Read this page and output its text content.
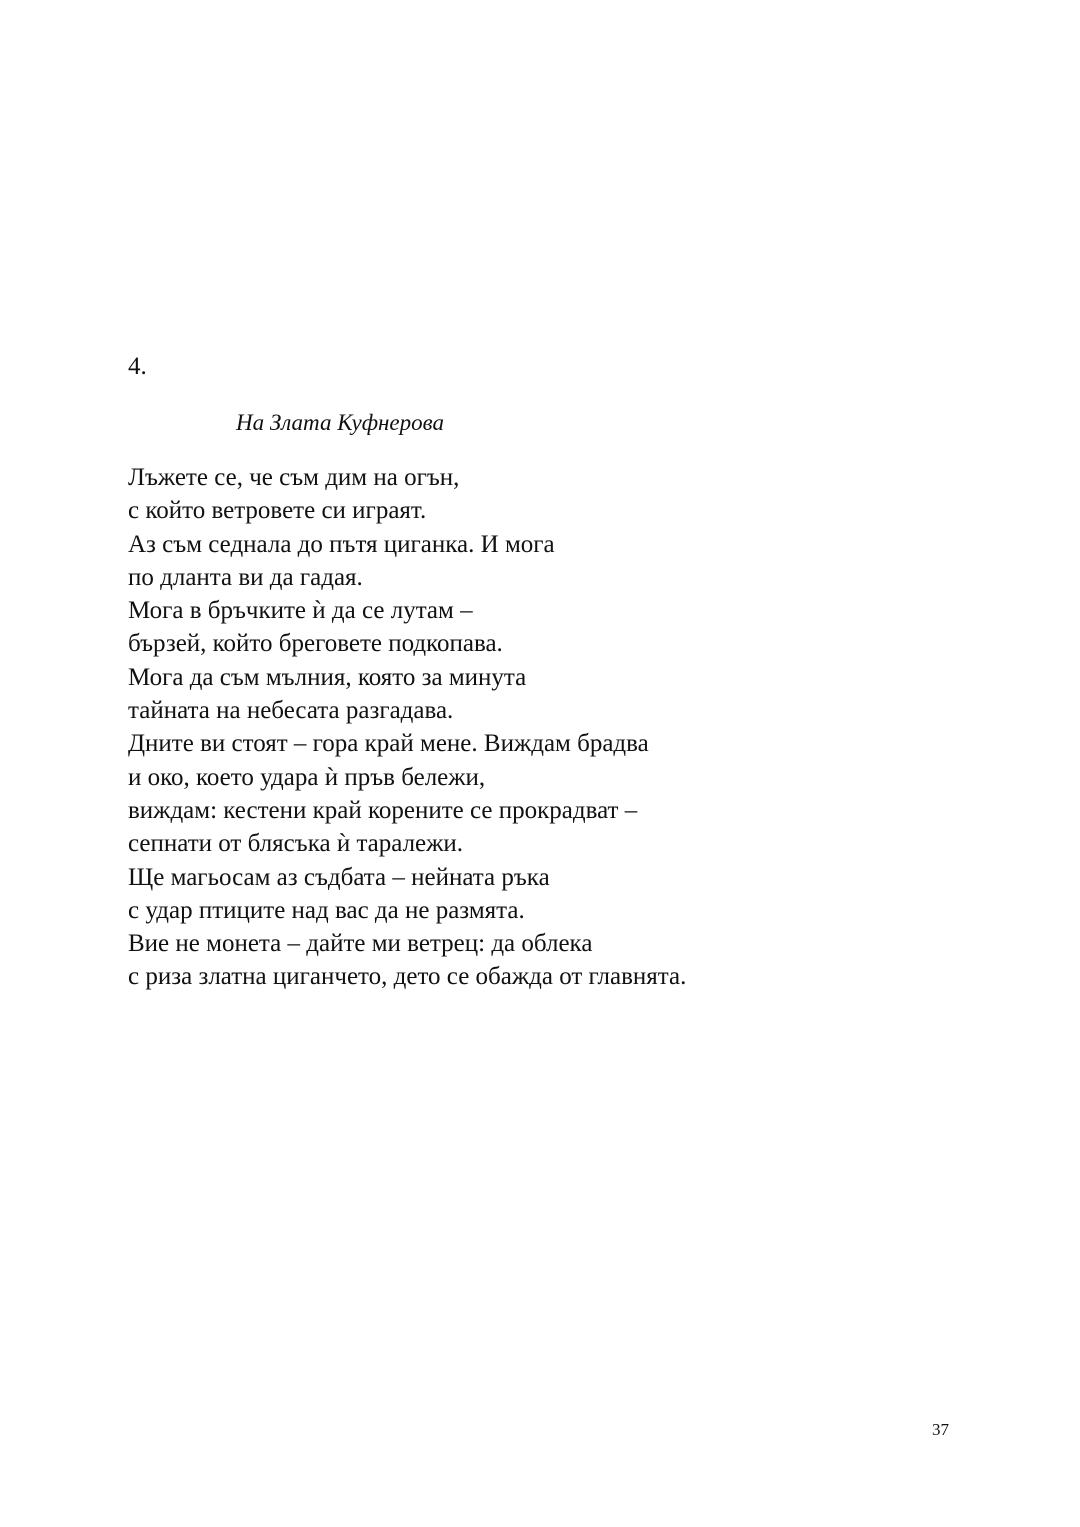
4.

На Злата Куфнерова

Лъжете се, че съм дим на огън,
с който ветровете си играят.
Аз съм седнала до пътя циганка. И мога
по дланта ви да гадая.
Мога в бръчките ѝ да се лутам –
бързей, който бреговете подкопава.
Мога да съм мълния, която за минута
тайната на небесата разгадава.
Дните ви стоят – гора край мене. Виждам брадва
и око, което удара ѝ пръв бележи,
виждам: кестени край корените се прокрадват –
сепнати от блясъка ѝ таралежи.
Ще магьосам аз съдбата – нейната ръка
с удар птиците над вас да не размята.
Вие не монета – дайте ми ветрец: да облека
с риза златна циганчето, дето се обажда от главнята.
37
